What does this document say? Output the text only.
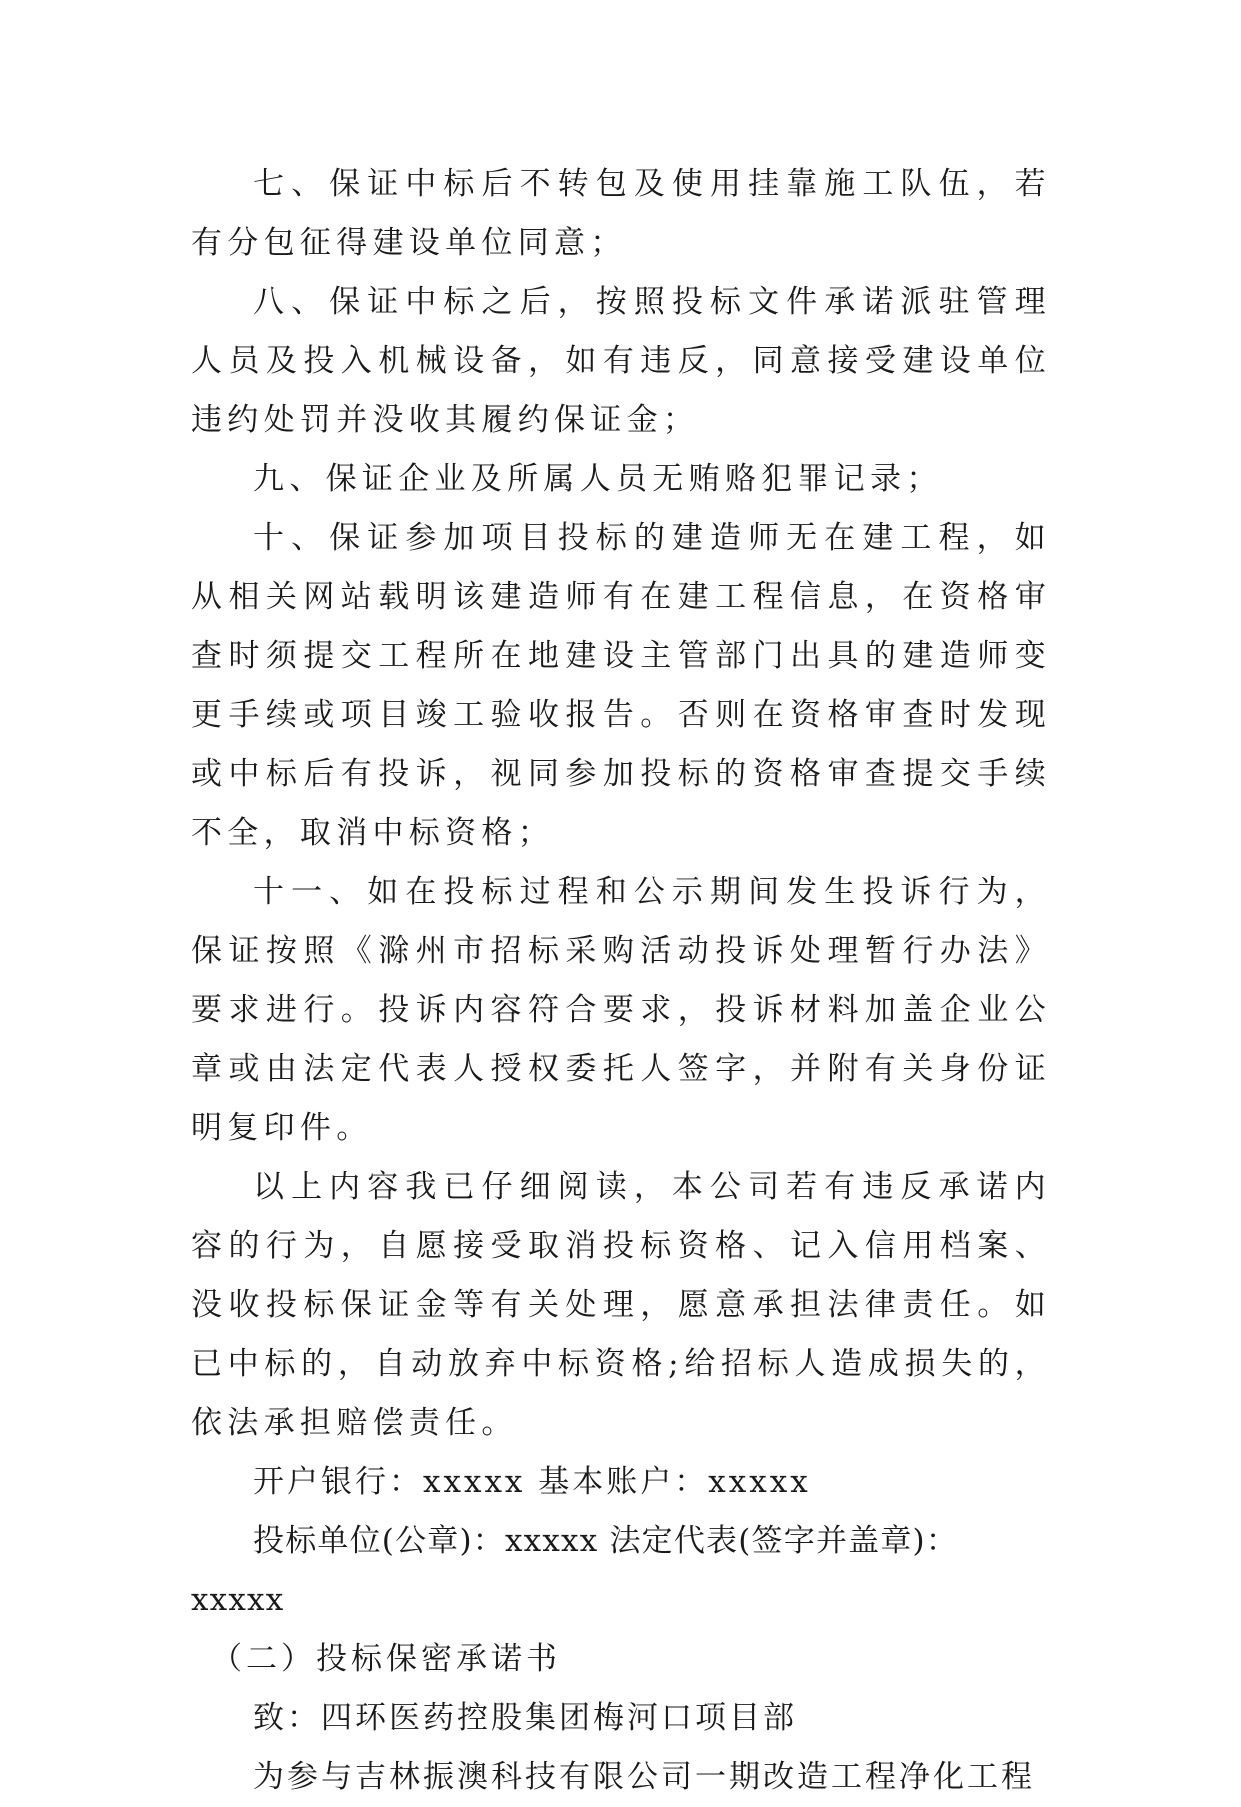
七、保证中标后不转包及使用挂靠施工队伍，若有分包征得建设单位同意；

八、保证中标之后，按照投标文件承诺派驻管理人员及投入机械设备，如有违反，同意接受建设单位违约处罚并没收其履约保证金；

九、保证企业及所属人员无贿赂犯罪记录；

十、保证参加项目投标的建造师无在建工程，如从相关网站载明该建造师有在建工程信息，在资格审查时须提交工程所在地建设主管部门出具的建造师变更手续或项目竣工验收报告。否则在资格审查时发现或中标后有投诉，视同参加投标的资格审查提交手续不全，取消中标资格；

十一、如在投标过程和公示期间发生投诉行为，保证按照《滁州市招标采购活动投诉处理暂行办法》要求进行。投诉内容符合要求，投诉材料加盖企业公章或由法定代表人授权委托人签字，并附有关身份证明复印件。

以上内容我已仔细阅读，本公司若有违反承诺内容的行为，自愿接受取消投标资格、记入信用档案、没收投标保证金等有关处理，愿意承担法律责任。如已中标的，自动放弃中标资格;给招标人造成损失的，依法承担赔偿责任。

开户银行：xxxxx 基本账户：xxxxx

投标单位(公章)：xxxxx 法定代表(签字并盖章)：xxxxx

（二）投标保密承诺书

致：四环医药控股集团梅河口项目部

为参与吉林振澳科技有限公司一期改造工程净化工程
